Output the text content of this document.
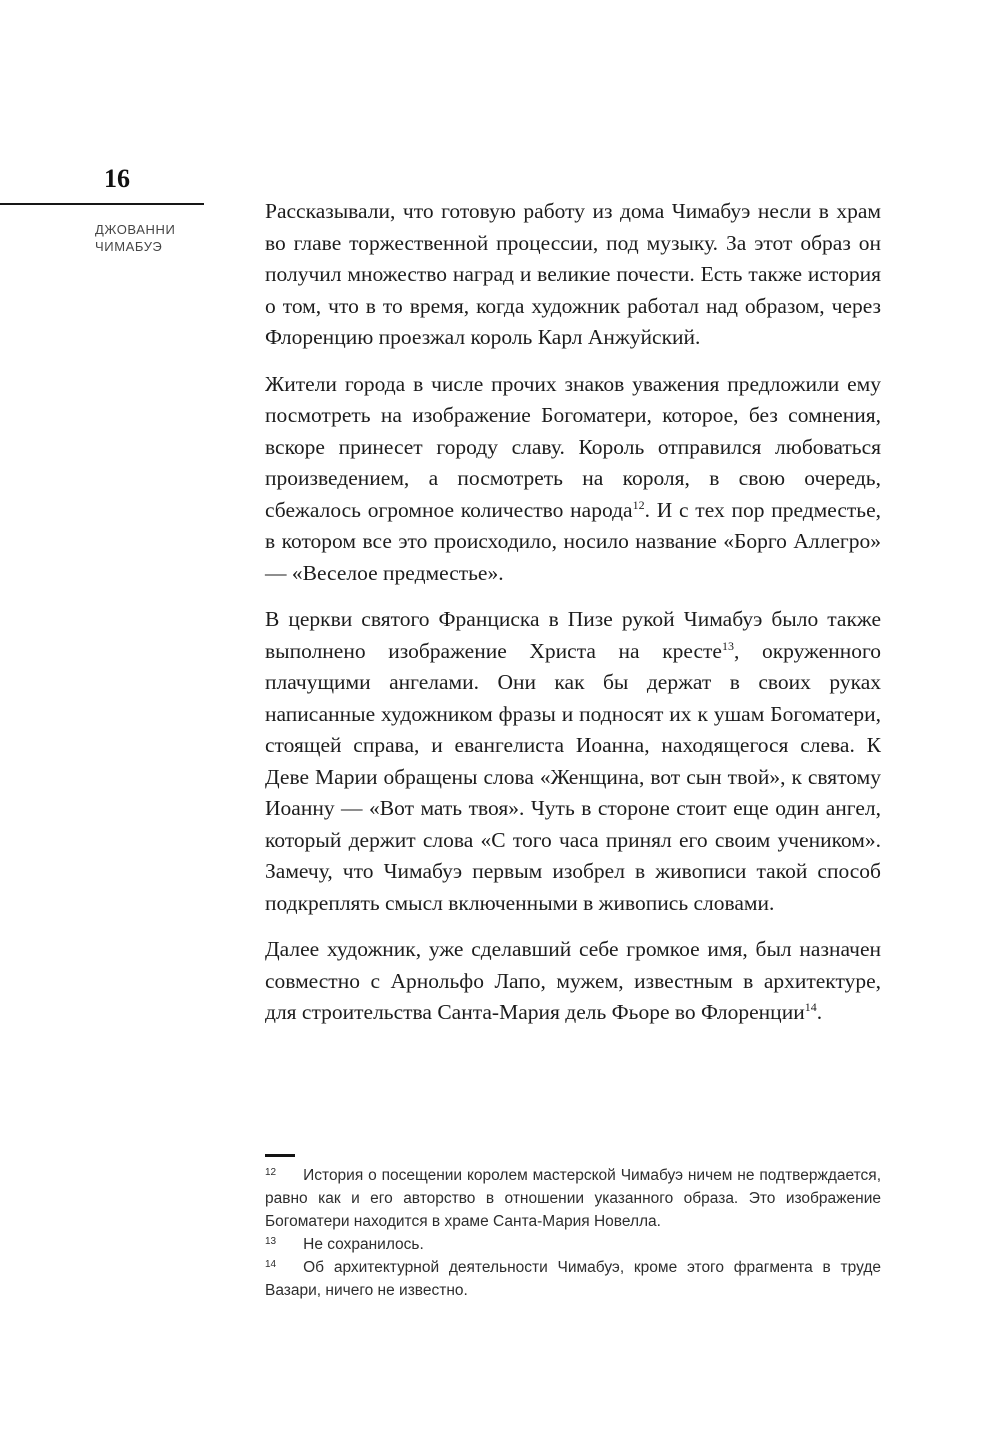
16
ДЖОВАННИ
ЧИМАБУЭ

Рассказывали, что готовую работу из дома Чимабуэ несли в храм во главе торжественной процессии, под музыку. За этот образ он получил множество наград и великие почести. Есть также история о том, что в то время, когда художник работал над образом, через Флоренцию проезжал король Карл Анжуйский.

Жители города в числе прочих знаков уважения предложили ему посмотреть на изображение Богоматери, которое, без сомнения, вскоре принесет городу славу. Король отправился любоваться произведением, а посмотреть на короля, в свою очередь, сбежалось огромное количество народа$^{12}$. И с тех пор предместье, в котором все это происходило, носило название «Борго Аллегро» — «Веселое предместье».

В церкви святого Франциска в Пизе рукой Чимабуэ было также выполнено изображение Христа на кресте$^{13}$, окруженного плачущими ангелами. Они как бы держат в своих руках написанные художником фразы и подносят их к ушам Богоматери, стоящей справа, и евангелиста Иоанна, находящегося слева. К Деве Марии обращены слова «Женщина, вот сын твой», к святому Иоанну — «Вот мать твоя». Чуть в стороне стоит еще один ангел, который держит слова «С того часа принял его своим учеником». Замечу, что Чимабуэ первым изобрел в живописи такой способ подкреплять смысл включенными в живопись словами.

Далее художник, уже сделавший себе громкое имя, был назначен совместно с Арнольфо Лапо, мужем, известным в архитектуре, для строительства Санта-Мария дель Фьоре во Флоренции$^{14}$.

$^{12}$ История о посещении королем мастерской Чимабуэ ничем не подтверждается, равно как и его авторство в отношении указанного образа. Это изображение Богоматери находится в храме Санта-Мария Новелла.

$^{13}$ Не сохранилось.

$^{14}$ Об архитектурной деятельности Чимабуэ, кроме этого фрагмента в труде Вазари, ничего не известно.
